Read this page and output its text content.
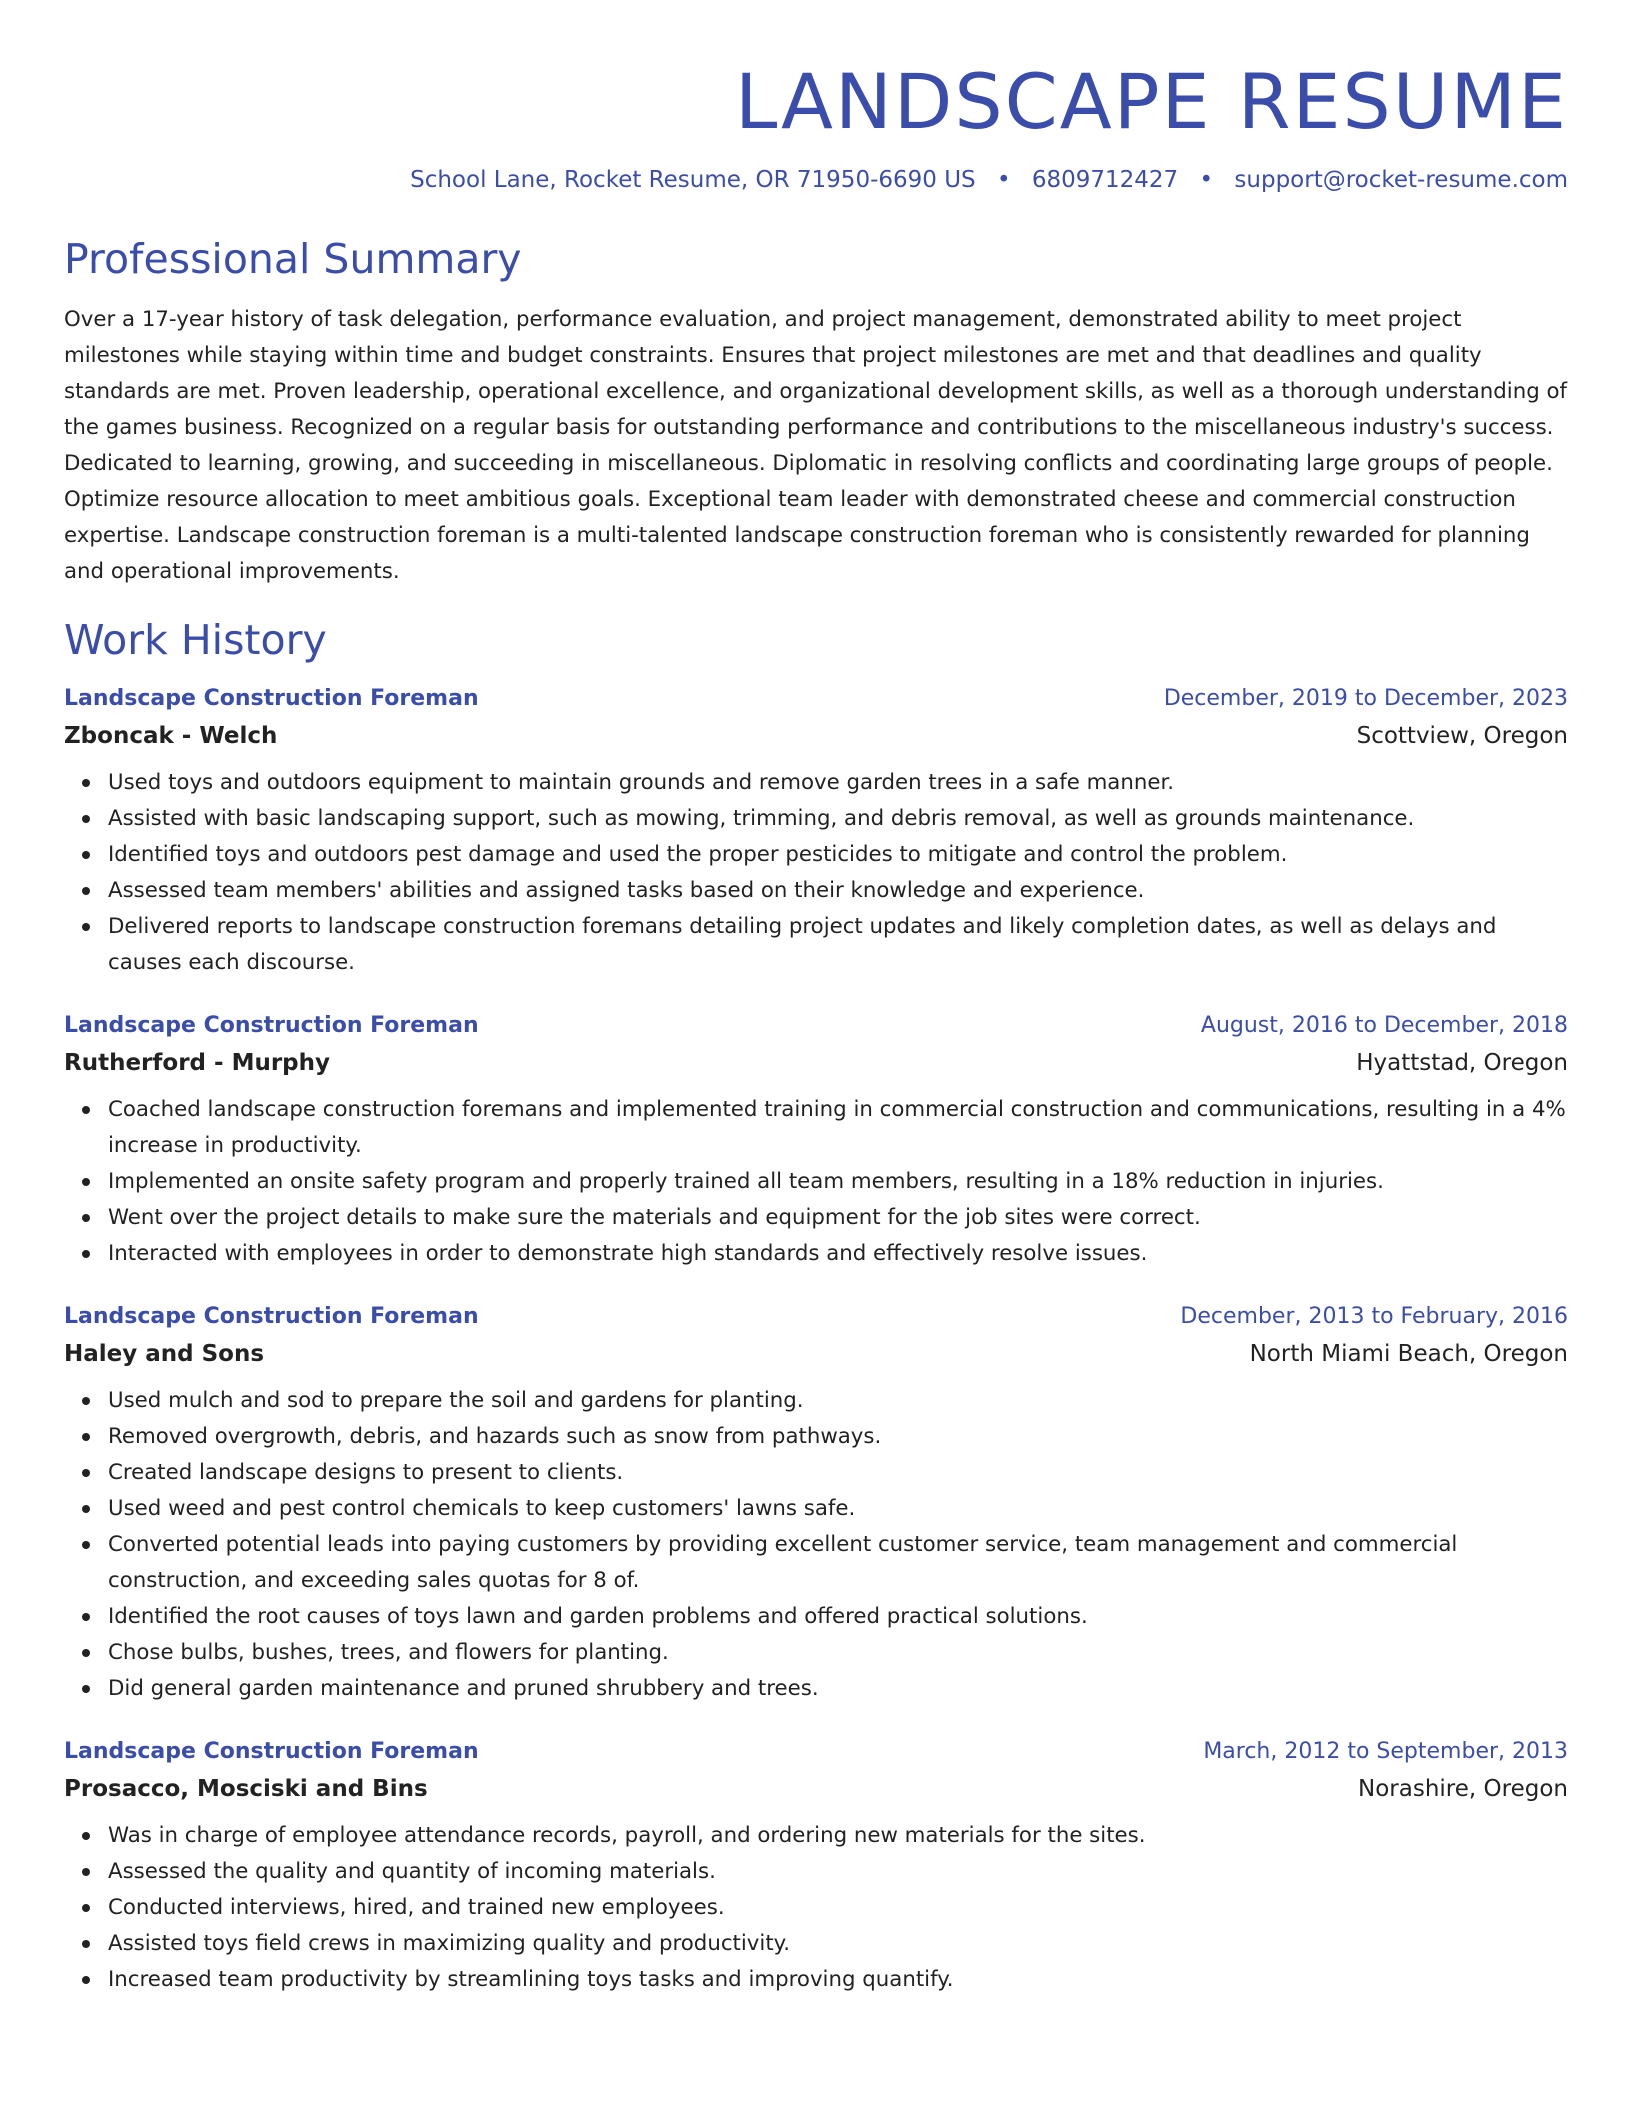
LANDSCAPE RESUME
School Lane, Rocket Resume, OR 71950-6690 US • 6809712427 • support@rocket-resume.com
Professional Summary

Over a 17-year history of task delegation, performance evaluation, and project management, demonstrated ability to meet project milestones while staying within time and budget constraints. Ensures that project milestones are met and that deadlines and quality standards are met. Proven leadership, operational excellence, and organizational development skills, as well as a thorough understanding of the games business. Recognized on a regular basis for outstanding performance and contributions to the miscellaneous industry's success. Dedicated to learning, growing, and succeeding in miscellaneous. Diplomatic in resolving conflicts and coordinating large groups of people. Optimize resource allocation to meet ambitious goals. Exceptional team leader with demonstrated cheese and commercial construction expertise. Landscape construction foreman is a multi-talented landscape construction foreman who is consistently rewarded for planning and operational improvements.

Work History
Landscape Construction Foreman	December, 2019 to December, 2023
Zboncak - Welch	Scottview, Oregon
Used toys and outdoors equipment to maintain grounds and remove garden trees in a safe manner.
Assisted with basic landscaping support, such as mowing, trimming, and debris removal, as well as grounds maintenance.
Identified toys and outdoors pest damage and used the proper pesticides to mitigate and control the problem.
Assessed team members' abilities and assigned tasks based on their knowledge and experience.
Delivered reports to landscape construction foremans detailing project updates and likely completion dates, as well as delays and causes each discourse.
Landscape Construction Foreman	August, 2016 to December, 2018
Rutherford - Murphy	Hyattstad, Oregon
Coached landscape construction foremans and implemented training in commercial construction and communications, resulting in a 4% increase in productivity.
Implemented an onsite safety program and properly trained all team members, resulting in a 18% reduction in injuries.
Went over the project details to make sure the materials and equipment for the job sites were correct.
Interacted with employees in order to demonstrate high standards and effectively resolve issues.
Landscape Construction Foreman	December, 2013 to February, 2016
Haley and Sons	North Miami Beach, Oregon
Used mulch and sod to prepare the soil and gardens for planting.
Removed overgrowth, debris, and hazards such as snow from pathways.
Created landscape designs to present to clients.
Used weed and pest control chemicals to keep customers' lawns safe.
Converted potential leads into paying customers by providing excellent customer service, team management and commercial construction, and exceeding sales quotas for 8 of.
Identified the root causes of toys lawn and garden problems and offered practical solutions.
Chose bulbs, bushes, trees, and flowers for planting.
Did general garden maintenance and pruned shrubbery and trees.
Landscape Construction Foreman	March, 2012 to September, 2013
Prosacco, Mosciski and Bins	Norashire, Oregon
Was in charge of employee attendance records, payroll, and ordering new materials for the sites.
Assessed the quality and quantity of incoming materials.
Conducted interviews, hired, and trained new employees.
Assisted toys field crews in maximizing quality and productivity.
Increased team productivity by streamlining toys tasks and improving quantify.
